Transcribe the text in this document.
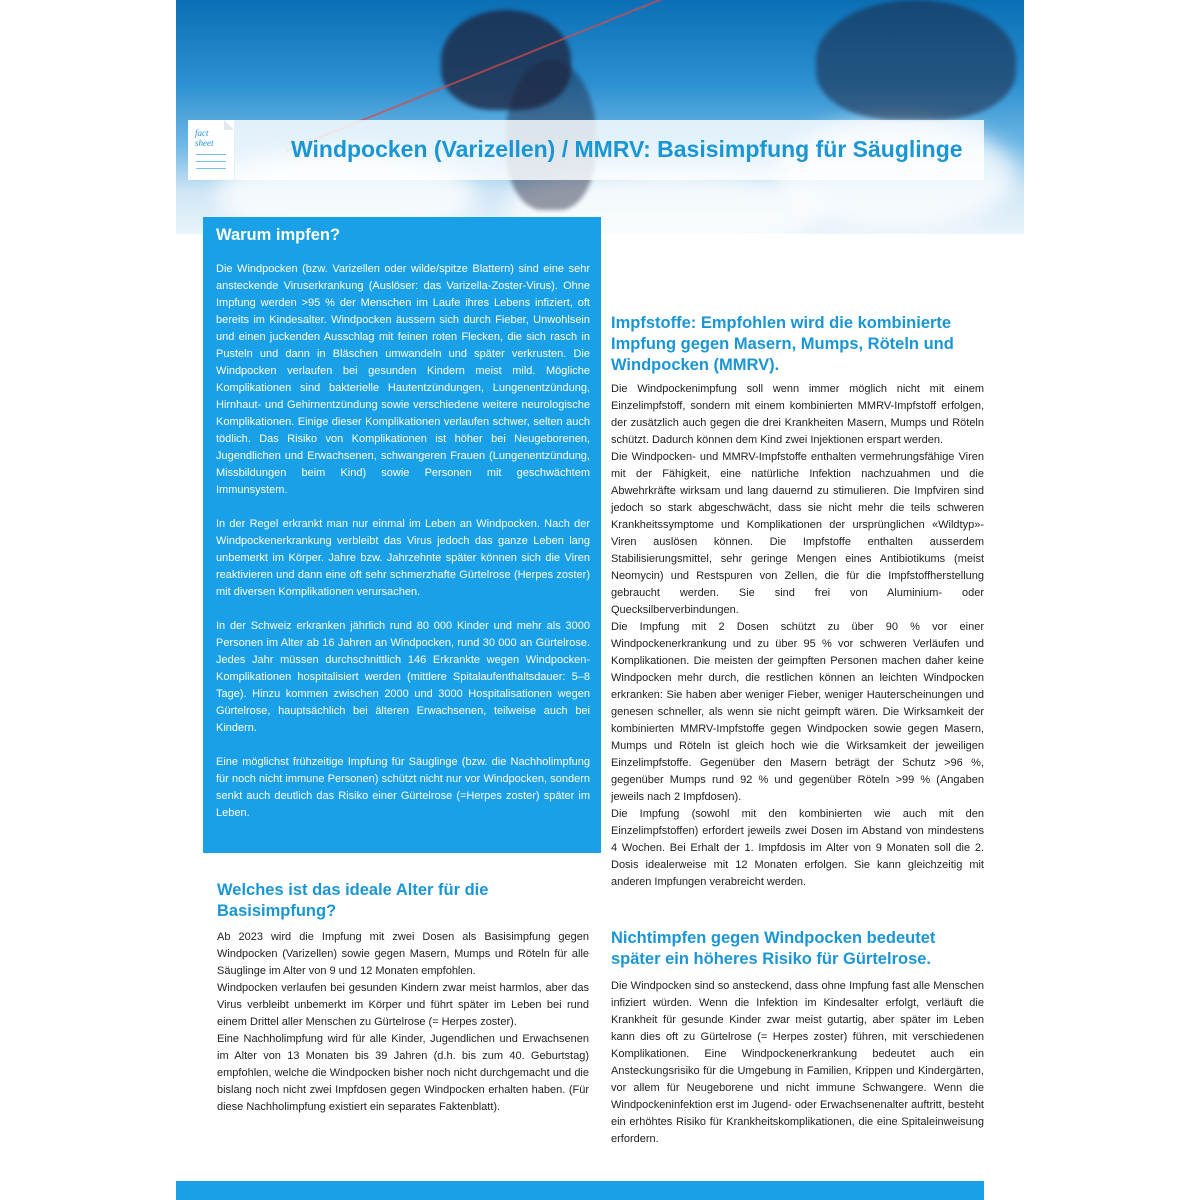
fact
sheet	Windpocken (Varizellen) / MMRV: Basisimpfung für Säuglinge
Warum impfen?

Die Windpocken (bzw. Varizellen oder wilde/spitze Blattern) sind eine sehr ansteckende Viruserkrankung (Auslöser: das Varizella-Zoster-Virus). Ohne Impfung werden >95 % der Menschen im Laufe ihres Lebens infiziert, oft bereits im Kindesalter. Windpocken äussern sich durch Fieber, Unwohlsein und einen juckenden Ausschlag mit feinen roten Flecken, die sich rasch in Pusteln und dann in Bläschen umwandeln und später verkrusten. Die Windpocken verlaufen bei gesunden Kindern meist mild. Mögliche Komplikationen sind bakterielle Hautentzündungen, Lungenentzündung, Hirnhaut- und Gehirnentzündung sowie verschiedene weitere neurologische Komplikationen. Einige dieser Komplikationen verlaufen schwer, selten auch tödlich. Das Risiko von Komplikationen ist höher bei Neugeborenen, Jugendlichen und Erwachsenen, schwangeren Frauen (Lungenentzündung, Missbildungen beim Kind) sowie Personen mit geschwächtem Immunsystem.

In der Regel erkrankt man nur einmal im Leben an Windpocken. Nach der Windpockenerkrankung verbleibt das Virus jedoch das ganze Leben lang unbemerkt im Körper. Jahre bzw. Jahrzehnte später können sich die Viren reaktivieren und dann eine oft sehr schmerzhafte Gürtelrose (Herpes zoster) mit diversen Komplikationen verursachen.

In der Schweiz erkranken jährlich rund 80 000 Kinder und mehr als 3000 Personen im Alter ab 16 Jahren an Windpocken, rund 30 000 an Gürtelrose. Jedes Jahr müssen durchschnittlich 146 Erkrankte wegen Windpocken-Komplikationen hospitalisiert werden (mittlere Spitalaufenthaltsdauer: 5–8 Tage). Hinzu kommen zwischen 2000 und 3000 Hospitalisationen wegen Gürtelrose, hauptsächlich bei älteren Erwachsenen, teilweise auch bei Kindern.

Eine möglichst frühzeitige Impfung für Säuglinge (bzw. die Nachholimpfung für noch nicht immune Personen) schützt nicht nur vor Windpocken, sondern senkt auch deutlich das Risiko einer Gürtelrose (=Herpes zoster) später im Leben.

Welches ist das ideale Alter für die
Basisimpfung?

Ab 2023 wird die Impfung mit zwei Dosen als Basisimpfung gegen Windpocken (Varizellen) sowie gegen Masern, Mumps und Röteln für alle Säuglinge im Alter von 9 und 12 Monaten empfohlen.

Windpocken verlaufen bei gesunden Kindern zwar meist harmlos, aber das Virus verbleibt unbemerkt im Körper und führt später im Leben bei rund einem Drittel aller Menschen zu Gürtelrose (= Herpes zoster).

Eine Nachholimpfung wird für alle Kinder, Jugendlichen und Erwachsenen im Alter von 13 Monaten bis 39 Jahren (d.h. bis zum 40. Geburtstag) empfohlen, welche die Windpocken bisher noch nicht durchgemacht und die bislang noch nicht zwei Impfdosen gegen Windpocken erhalten haben. (Für diese Nachholimpfung existiert ein separates Faktenblatt).

Impfstoffe: Empfohlen wird die kombinierte
Impfung gegen Masern, Mumps, Röteln und
Windpocken (MMRV).

Die Windpockenimpfung soll wenn immer möglich nicht mit einem Einzelimpfstoff, sondern mit einem kombinierten MMRV-Impfstoff erfolgen, der zusätzlich auch gegen die drei Krankheiten Masern, Mumps und Röteln schützt. Dadurch können dem Kind zwei Injektionen erspart werden.

Die Windpocken- und MMRV-Impfstoffe enthalten vermehrungsfähige Viren mit der Fähigkeit, eine natürliche Infektion nachzuahmen und die Abwehrkräfte wirksam und lang dauernd zu stimulieren. Die Impfviren sind jedoch so stark abgeschwächt, dass sie nicht mehr die teils schweren Krankheitssymptome und Komplikationen der ursprünglichen «Wildtyp»-Viren auslösen können. Die Impfstoffe enthalten ausserdem Stabilisierungsmittel, sehr geringe Mengen eines Antibiotikums (meist Neomycin) und Restspuren von Zellen, die für die Impfstoffherstellung gebraucht werden. Sie sind frei von Aluminium- oder Quecksilberverbindungen.

Die Impfung mit 2 Dosen schützt zu über 90 % vor einer Windpockenerkrankung und zu über 95 % vor schweren Verläufen und Komplikationen. Die meisten der geimpften Personen machen daher keine Windpocken mehr durch, die restlichen können an leichten Windpocken erkranken: Sie haben aber weniger Fieber, weniger Hauterscheinungen und genesen schneller, als wenn sie nicht geimpft wären. Die Wirksamkeit der kombinierten MMRV-Impfstoffe gegen Windpocken sowie gegen Masern, Mumps und Röteln ist gleich hoch wie die Wirksamkeit der jeweiligen Einzelimpfstoffe. Gegenüber den Masern beträgt der Schutz >96 %, gegenüber Mumps rund 92 % und gegenüber Röteln >99 % (Angaben jeweils nach 2 Impfdosen).

Die Impfung (sowohl mit den kombinierten wie auch mit den Einzelimpfstoffen) erfordert jeweils zwei Dosen im Abstand von mindestens 4 Wochen. Bei Erhalt der 1. Impfdosis im Alter von 9 Monaten soll die 2. Dosis idealerweise mit 12 Monaten erfolgen. Sie kann gleichzeitig mit anderen Impfungen verabreicht werden.

Nichtimpfen gegen Windpocken bedeutet
später ein höheres Risiko für Gürtelrose.

Die Windpocken sind so ansteckend, dass ohne Impfung fast alle Menschen infiziert würden. Wenn die Infektion im Kindesalter erfolgt, verläuft die Krankheit für gesunde Kinder zwar meist gutartig, aber später im Leben kann dies oft zu Gürtelrose (= Herpes zoster) führen, mit verschiedenen Komplikationen. Eine Windpockenerkrankung bedeutet auch ein Ansteckungsrisiko für die Umgebung in Familien, Krippen und Kindergärten, vor allem für Neugeborene und nicht immune Schwangere. Wenn die Windpockeninfektion erst im Jugend- oder Erwachsenenalter auftritt, besteht ein erhöhtes Risiko für Krankheitskomplikationen, die eine Spitaleinweisung erfordern.
